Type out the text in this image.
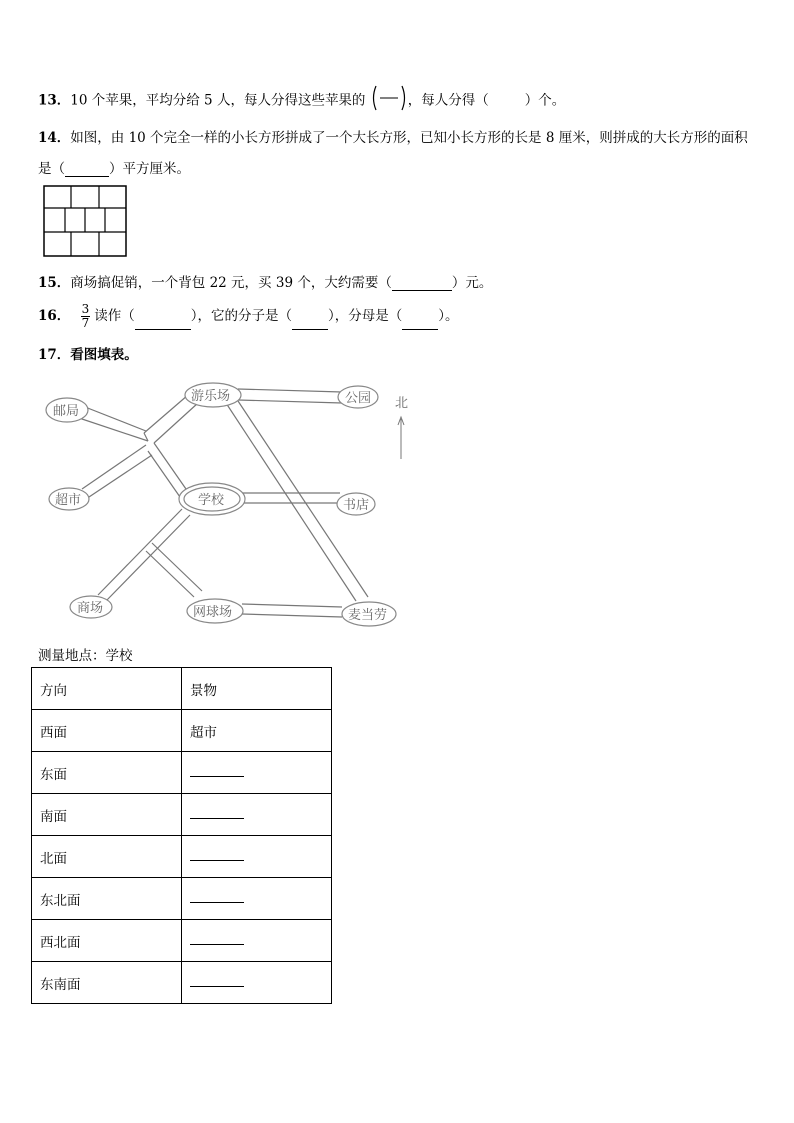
13．10 个苹果，平均分给 5 人，每人分得这些苹果的	，每人分得（	）个。
14．如图，由 10 个完全一样的小长方形拼成了一个大长方形，已知小长方形的长是 8 厘米，则拼成的大长方形的面积
是（	）平方厘米。
15．商场搞促销，一个背包 22 元，买 39 个，大约需要（	）元。
16． $\frac{3}{7}$ 读作（	），它的分子是（	），分母是（	）。
17．看图填表。
北
游乐场	公园
邮局
超市	学校	书店
商场	网球场	麦当劳
测量地点：学校
方向	景物
西面	超市
东面	
南面	
北面	
东北面	
西北面	
东南面	
